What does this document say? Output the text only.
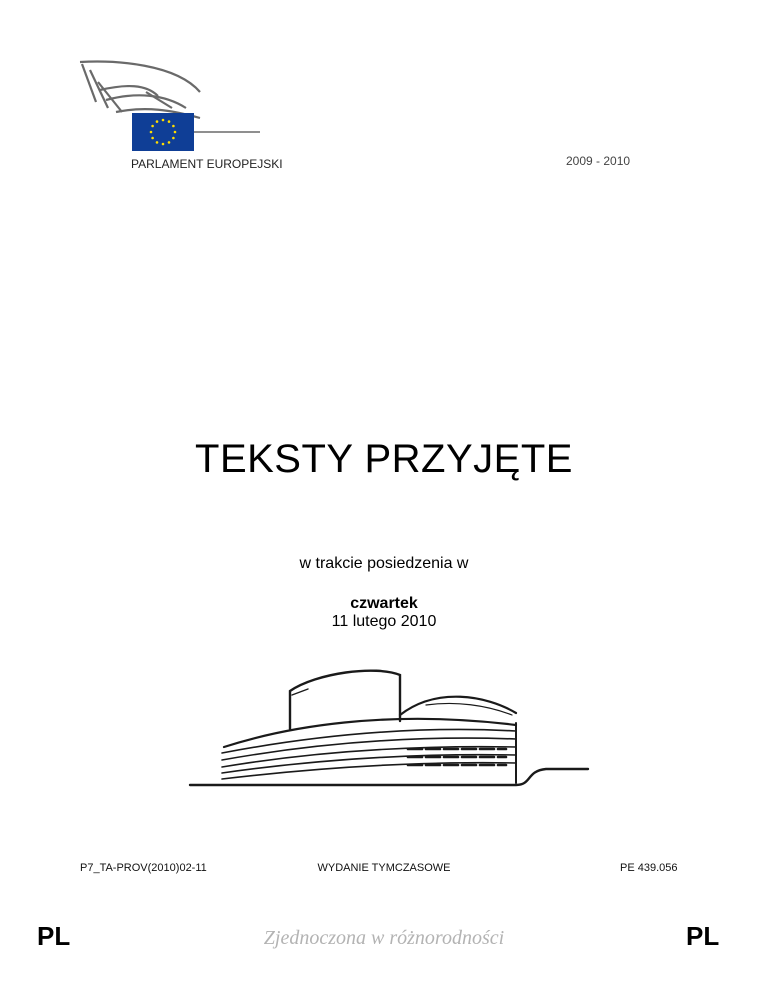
PARLAMENT EUROPEJSKI	2009 - 2010
TEKSTY PRZYJĘTE
w trakcie posiedzenia w
czwartek
11 lutego 2010
P7_TA-PROV(2010)02-11	WYDANIE TYMCZASOWE	PE 439.056
PL	Zjednoczona w różnorodności	PL
